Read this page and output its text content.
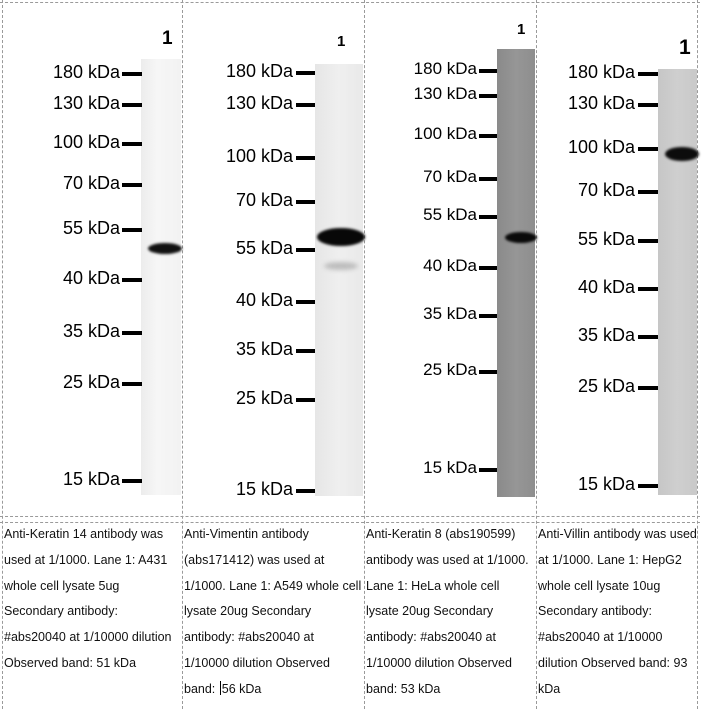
1
180 kDa
130 kDa
100 kDa
70 kDa
55 kDa
40 kDa
35 kDa
25 kDa
15 kDa
Anti-Keratin 14 antibody was used at 1/1000. Lane 1: A431 whole cell lysate 5ug Secondary antibody: #abs20040 at 1/10000 dilution Observed band: 51 kDa
1
180 kDa
130 kDa
100 kDa
70 kDa
55 kDa
40 kDa
35 kDa
25 kDa
15 kDa
Anti-Vimentin antibody (abs171412) was used at 1/1000. Lane 1: A549 whole cell lysate 20ug Secondary antibody: #abs20040 at 1/10000 dilution Observed band: 56 kDa
1
180 kDa
130 kDa
100 kDa
70 kDa
55 kDa
40 kDa
35 kDa
25 kDa
15 kDa
Anti-Keratin 8 (abs190599) antibody was used at 1/1000. Lane 1: HeLa whole cell lysate 20ug Secondary antibody: #abs20040 at 1/10000 dilution Observed band: 53 kDa
1
180 kDa
130 kDa
100 kDa
70 kDa
55 kDa
40 kDa
35 kDa
25 kDa
15 kDa
Anti-Villin antibody was used at 1/1000. Lane 1: HepG2 whole cell lysate 10ug Secondary antibody: #abs20040 at 1/10000 dilution Observed band: 93 kDa
